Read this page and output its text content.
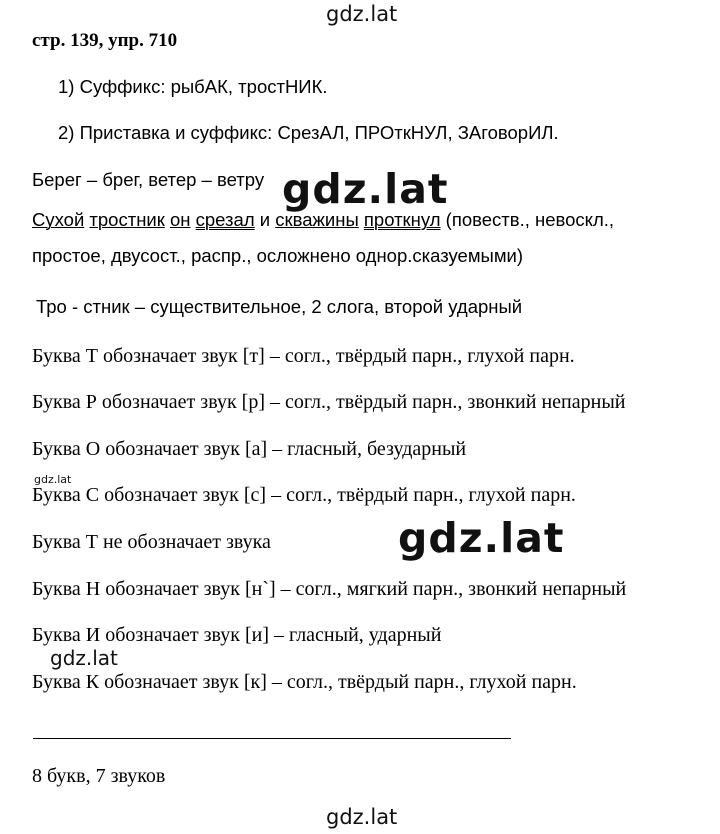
gdz.lat
стр. 139, упр. 710
1) Суффикс: рыбАК, тростНИК.
2) Приставка и суффикс: СрезАЛ, ПРОткНУЛ, ЗАговорИЛ.
Берег – брег, ветер – ветру
Сухой тростник он срезал и скважины проткнул (повеств., невоскл.,
простое, двусост., распр., осложнено однор.сказуемыми)
Тро - стник – существительное, 2 слога, второй ударный
Буква Т обозначает звук [т] – согл., твёрдый парн., глухой парн.
Буква Р обозначает звук [р] – согл., твёрдый парн., звонкий непарный
Буква О обозначает звук [а] – гласный, безударный
Буква С обозначает звук [с] – согл., твёрдый парн., глухой парн.
Буква Т не обозначает звука
Буква Н обозначает звук [н`] – согл., мягкий парн., звонкий непарный
Буква И обозначает звук [и] – гласный, ударный
Буква К обозначает звук [к] – согл., твёрдый парн., глухой парн.
8 букв, 7 звуков
gdz.lat
gdz.lat
gdz.lat
gdz.lat
gdz.lat
